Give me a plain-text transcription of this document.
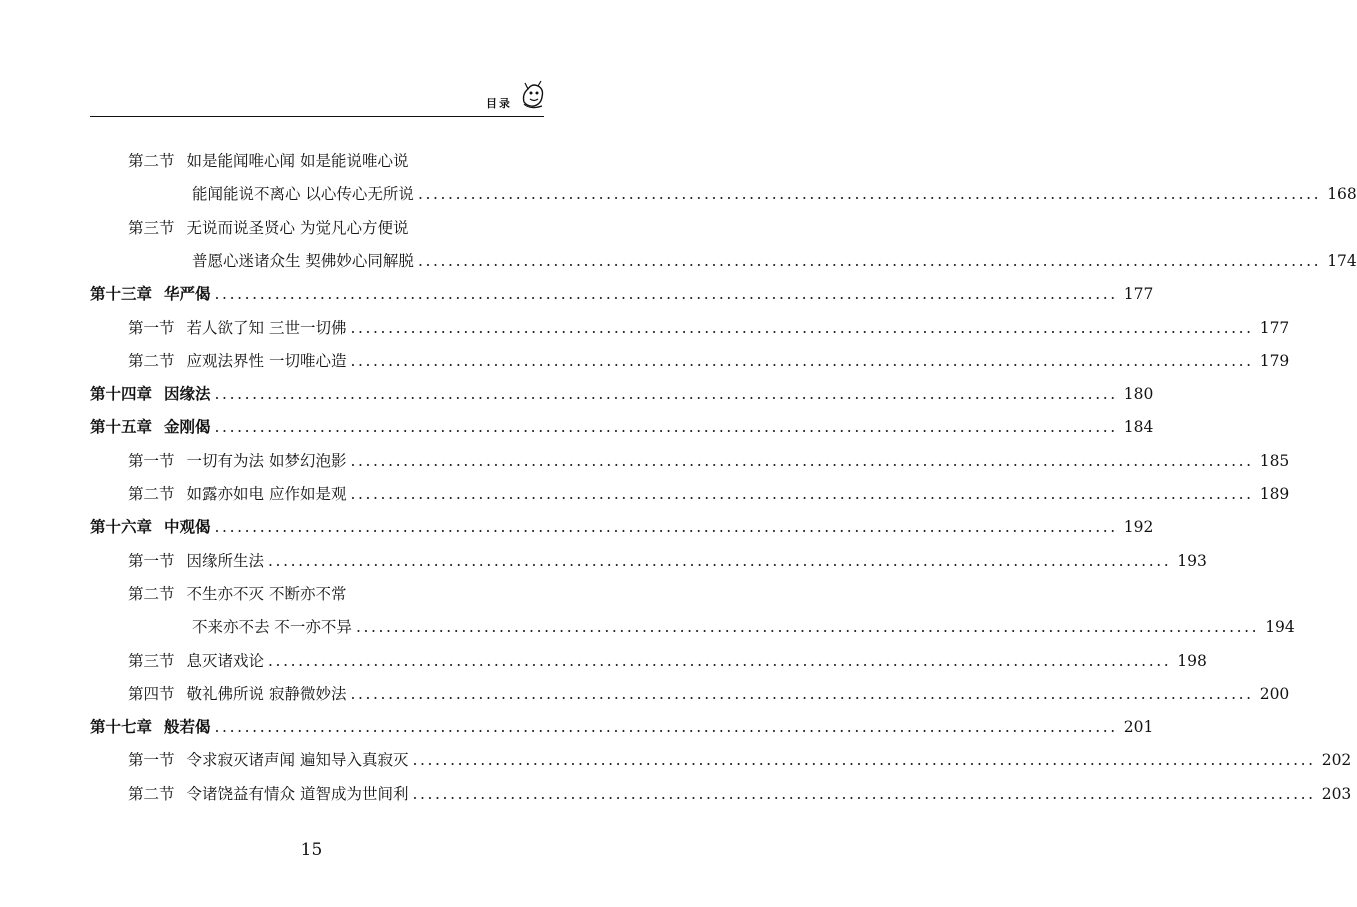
目录
第二节 如是能闻唯心闻 如是能说唯心说
能闻能说不离心 以心传心无所说 ........................................................................................................................ 168
第三节 无说而说圣贤心 为觉凡心方便说
普愿心迷诸众生 契佛妙心同解脱 ........................................................................................................................ 174
第十三章 华严偈 ........................................................................................................................ 177
第一节 若人欲了知 三世一切佛 ........................................................................................................................ 177
第二节 应观法界性 一切唯心造 ........................................................................................................................ 179
第十四章 因缘法 ........................................................................................................................ 180
第十五章 金刚偈 ........................................................................................................................ 184
第一节 一切有为法 如梦幻泡影 ........................................................................................................................ 185
第二节 如露亦如电 应作如是观 ........................................................................................................................ 189
第十六章 中观偈 ........................................................................................................................ 192
第一节 因缘所生法 ........................................................................................................................ 193
第二节 不生亦不灭 不断亦不常
不来亦不去 不一亦不异 ........................................................................................................................ 194
第三节 息灭诸戏论 ........................................................................................................................ 198
第四节 敬礼佛所说 寂静微妙法 ........................................................................................................................ 200
第十七章 般若偈 ........................................................................................................................ 201
第一节 令求寂灭诸声闻 遍知导入真寂灭 ........................................................................................................................ 202
第二节 令诸饶益有情众 道智成为世间利 ........................................................................................................................ 203
15
